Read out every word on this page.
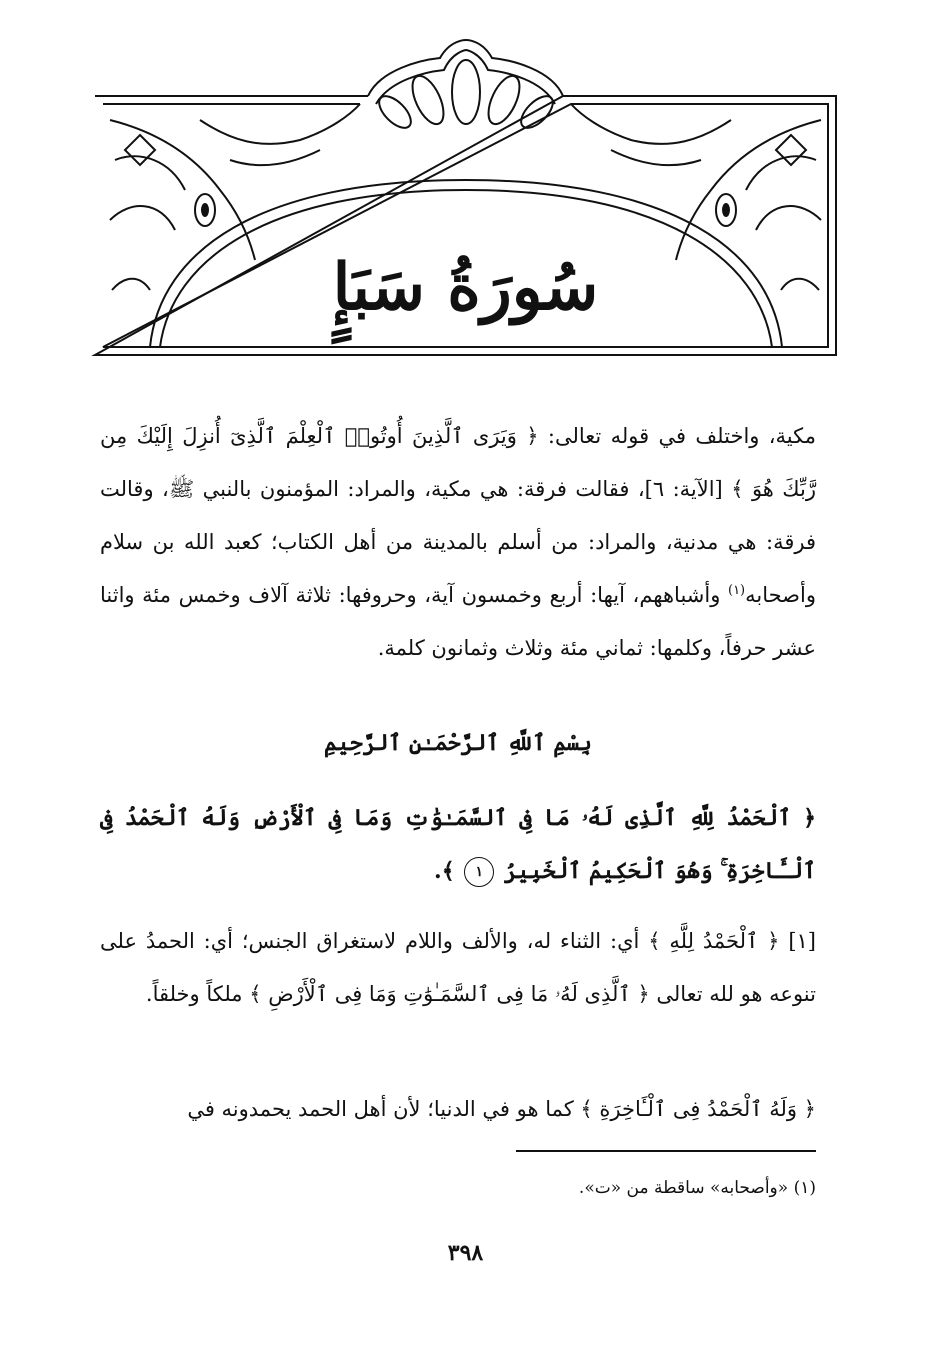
سُورَةُ سَبَإٍ

مكية، واختلف في قوله تعالى: ﴿ وَيَرَى ٱلَّذِينَ أُوتُوا۟ ٱلْعِلْمَ ٱلَّذِىٓ أُنزِلَ إِلَيْكَ مِن رَّبِّكَ هُوَ ﴾ [الآية: ٦]، فقالت فرقة: هي مكية، والمراد: المؤمنون بالنبي ﷺ، وقالت فرقة: هي مدنية، والمراد: من أسلم بالمدينة من أهل الكتاب؛ كعبد الله بن سلام وأصحابه$^{(١)}$ وأشباههم، آيها: أربع وخمسون آية، وحروفها: ثلاثة آلاف وخمس مئة واثنا عشر حرفاً، وكلمها: ثماني مئة وثلاث وثمانون كلمة.

بِسْمِ ٱللَّهِ ٱلرَّحْمَـٰنِ ٱلرَّحِيمِ

﴿ ٱلْحَمْدُ لِلَّهِ ٱلَّذِى لَهُۥ مَا فِى ٱلسَّمَـٰوَٰتِ وَمَا فِى ٱلْأَرْضِ وَلَهُ ٱلْحَمْدُ فِى ٱلْـَٔاخِرَةِ ۚ وَهُوَ ٱلْحَكِيمُ ٱلْخَبِيرُ ١ ﴾.

[١] ﴿ ٱلْحَمْدُ لِلَّهِ ﴾ أي: الثناء له، والألف واللام لاستغراق الجنس؛ أي: الحمدُ على تنوعه هو لله تعالى ﴿ ٱلَّذِى لَهُۥ مَا فِى ٱلسَّمَـٰوَٰتِ وَمَا فِى ٱلْأَرْضِ ﴾ ملكاً وخلقاً.

﴿ وَلَهُ ٱلْحَمْدُ فِى ٱلْـَٔاخِرَةِ ﴾ كما هو في الدنيا؛ لأن أهل الحمد يحمدونه في

(١) «وأصحابه» ساقطة من «ت».
٣٩٨
